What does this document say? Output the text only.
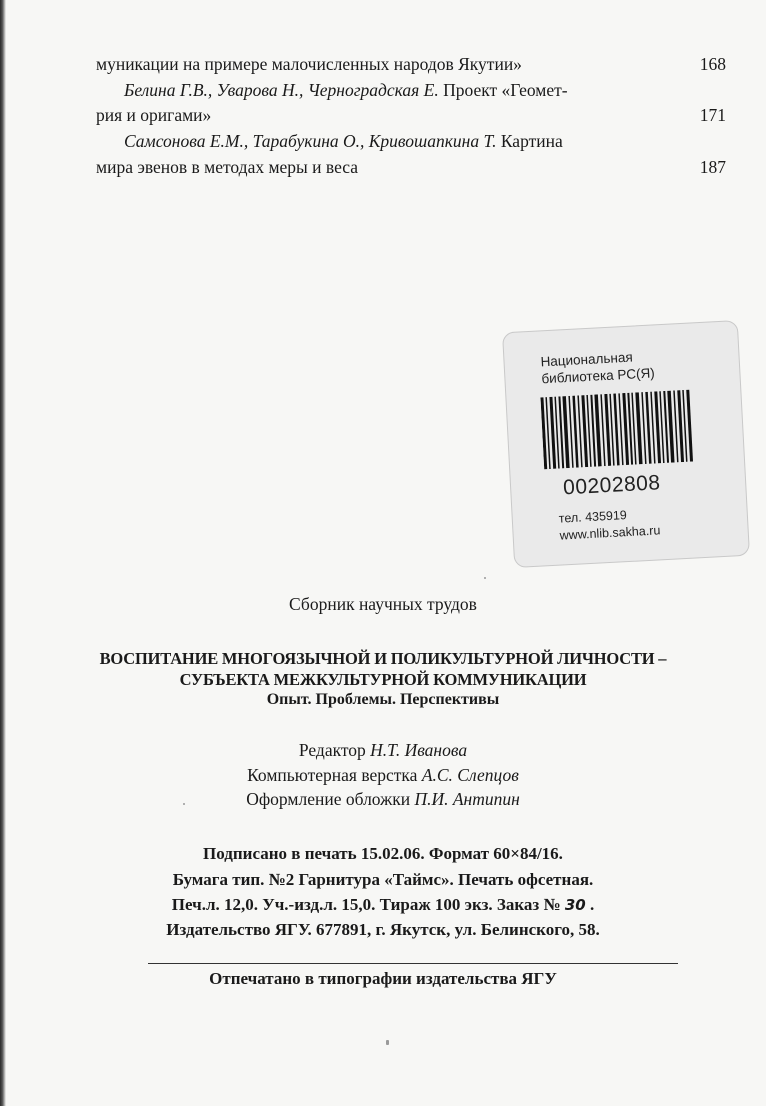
муникации на примере малочисленных народов Якутии»	168
Белина Г.В., Уварова Н., Черноградская Е. Проект «Геомет-
рия и оригами»	171
Самсонова Е.М., Тарабукина О., Кривошапкина Т. Картина
мира эвенов в методах меры и веса	187
Национальная
библиотека РС(Я)
00202808
тел. 435919
www.nlib.sakha.ru
Сборник научных трудов
ВОСПИТАНИЕ МНОГОЯЗЫЧНОЙ И ПОЛИКУЛЬТУРНОЙ ЛИЧНОСТИ –
СУБЪЕКТА МЕЖКУЛЬТУРНОЙ КОММУНИКАЦИИ
Опыт. Проблемы. Перспективы
Редактор Н.Т. Иванова
Компьютерная верстка А.С. Слепцов
Оформление обложки П.И. Антипин
Подписано в печать 15.02.06. Формат 60×84/16.
Бумага тип. №2 Гарнитура «Таймс». Печать офсетная.
Печ.л. 12,0. Уч.-изд.л. 15,0. Тираж 100 экз. Заказ № 30 .
Издательство ЯГУ. 677891, г. Якутск, ул. Белинского, 58.
Отпечатано в типографии издательства ЯГУ
